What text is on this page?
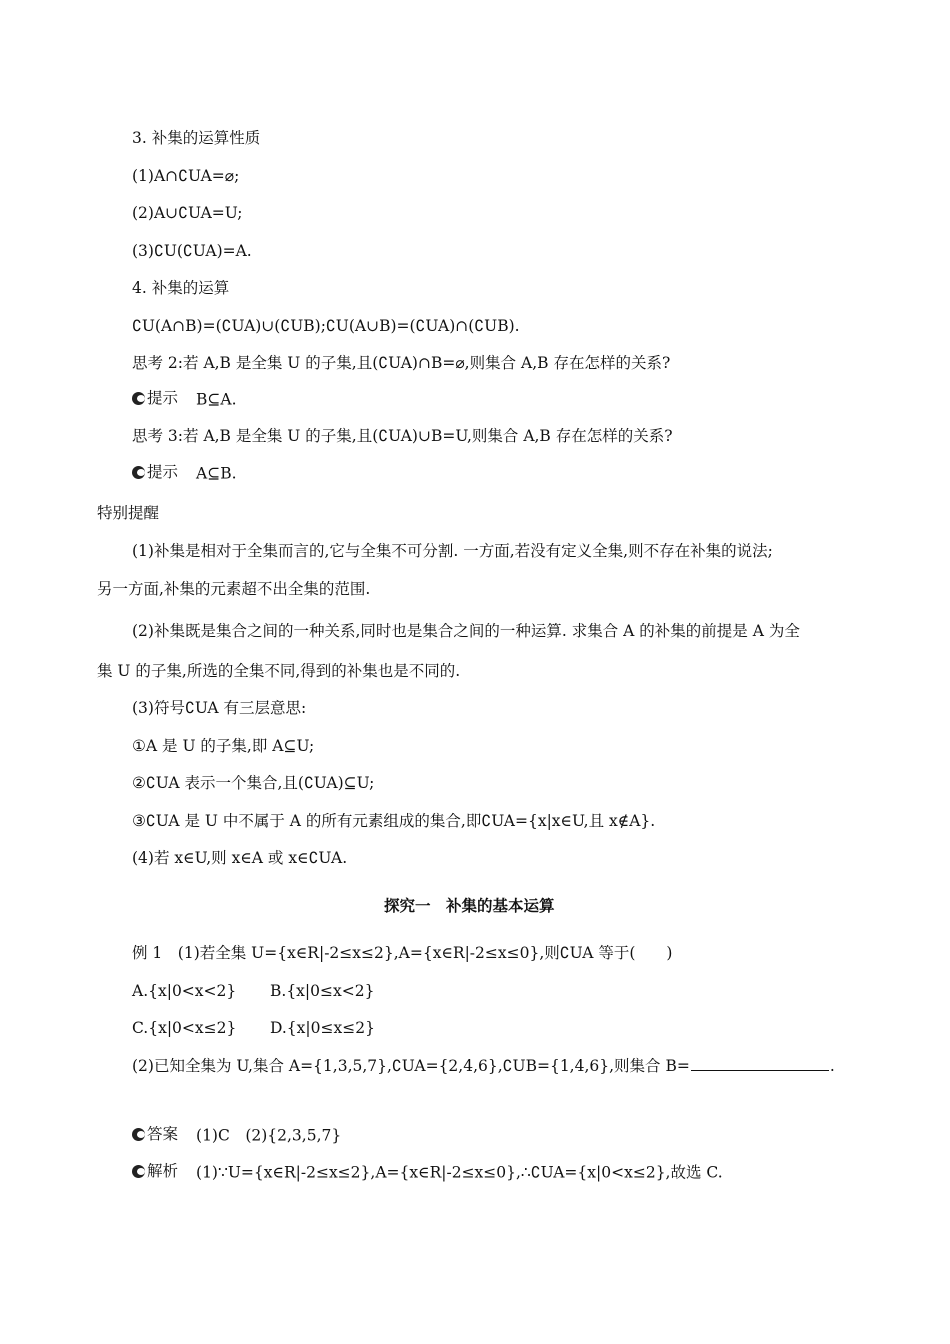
3. 补集的运算性质
(1)A∩∁UA=⌀;
(2)A∪∁UA=U;
(3)∁U(∁UA)=A.
4. 补集的运算
∁U(A∩B)=(∁UA)∪(∁UB);∁U(A∪B)=(∁UA)∩(∁UB).
思考 2:若 A,B 是全集 U 的子集,且(∁UA)∩B=⌀,则集合 A,B 存在怎样的关系?
提示 B⊆A.
思考 3:若 A,B 是全集 U 的子集,且(∁UA)∪B=U,则集合 A,B 存在怎样的关系?
提示 A⊆B.
特别提醒
(1)补集是相对于全集而言的,它与全集不可分割. 一方面,若没有定义全集,则不存在补集的说法;
另一方面,补集的元素超不出全集的范围.
(2)补集既是集合之间的一种关系,同时也是集合之间的一种运算. 求集合 A 的补集的前提是 A 为全
集 U 的子集,所选的全集不同,得到的补集也是不同的.
(3)符号∁UA 有三层意思:
①A 是 U 的子集,即 A⊆U;
②∁UA 表示一个集合,且(∁UA)⊆U;
③∁UA 是 U 中不属于 A 的所有元素组成的集合,即∁UA={x|x∈U,且 x∉A}.
(4)若 x∈U,则 x∈A 或 x∈∁UA.
探究一　补集的基本运算
例 1　(1)若全集 U={x∈R|-2≤x≤2},A={x∈R|-2≤x≤0},则∁UA 等于(　　)
A.{x|0<x<2} B.{x|0≤x<2}
C.{x|0<x≤2} D.{x|0≤x≤2}
(2)已知全集为 U,集合 A={1,3,5,7},∁UA={2,4,6},∁UB={1,4,6},则集合 B=	.
答案 (1)C　(2){2,3,5,7}
解析 (1)∵U={x∈R|-2≤x≤2},A={x∈R|-2≤x≤0},∴∁UA={x|0<x≤2},故选 C.
